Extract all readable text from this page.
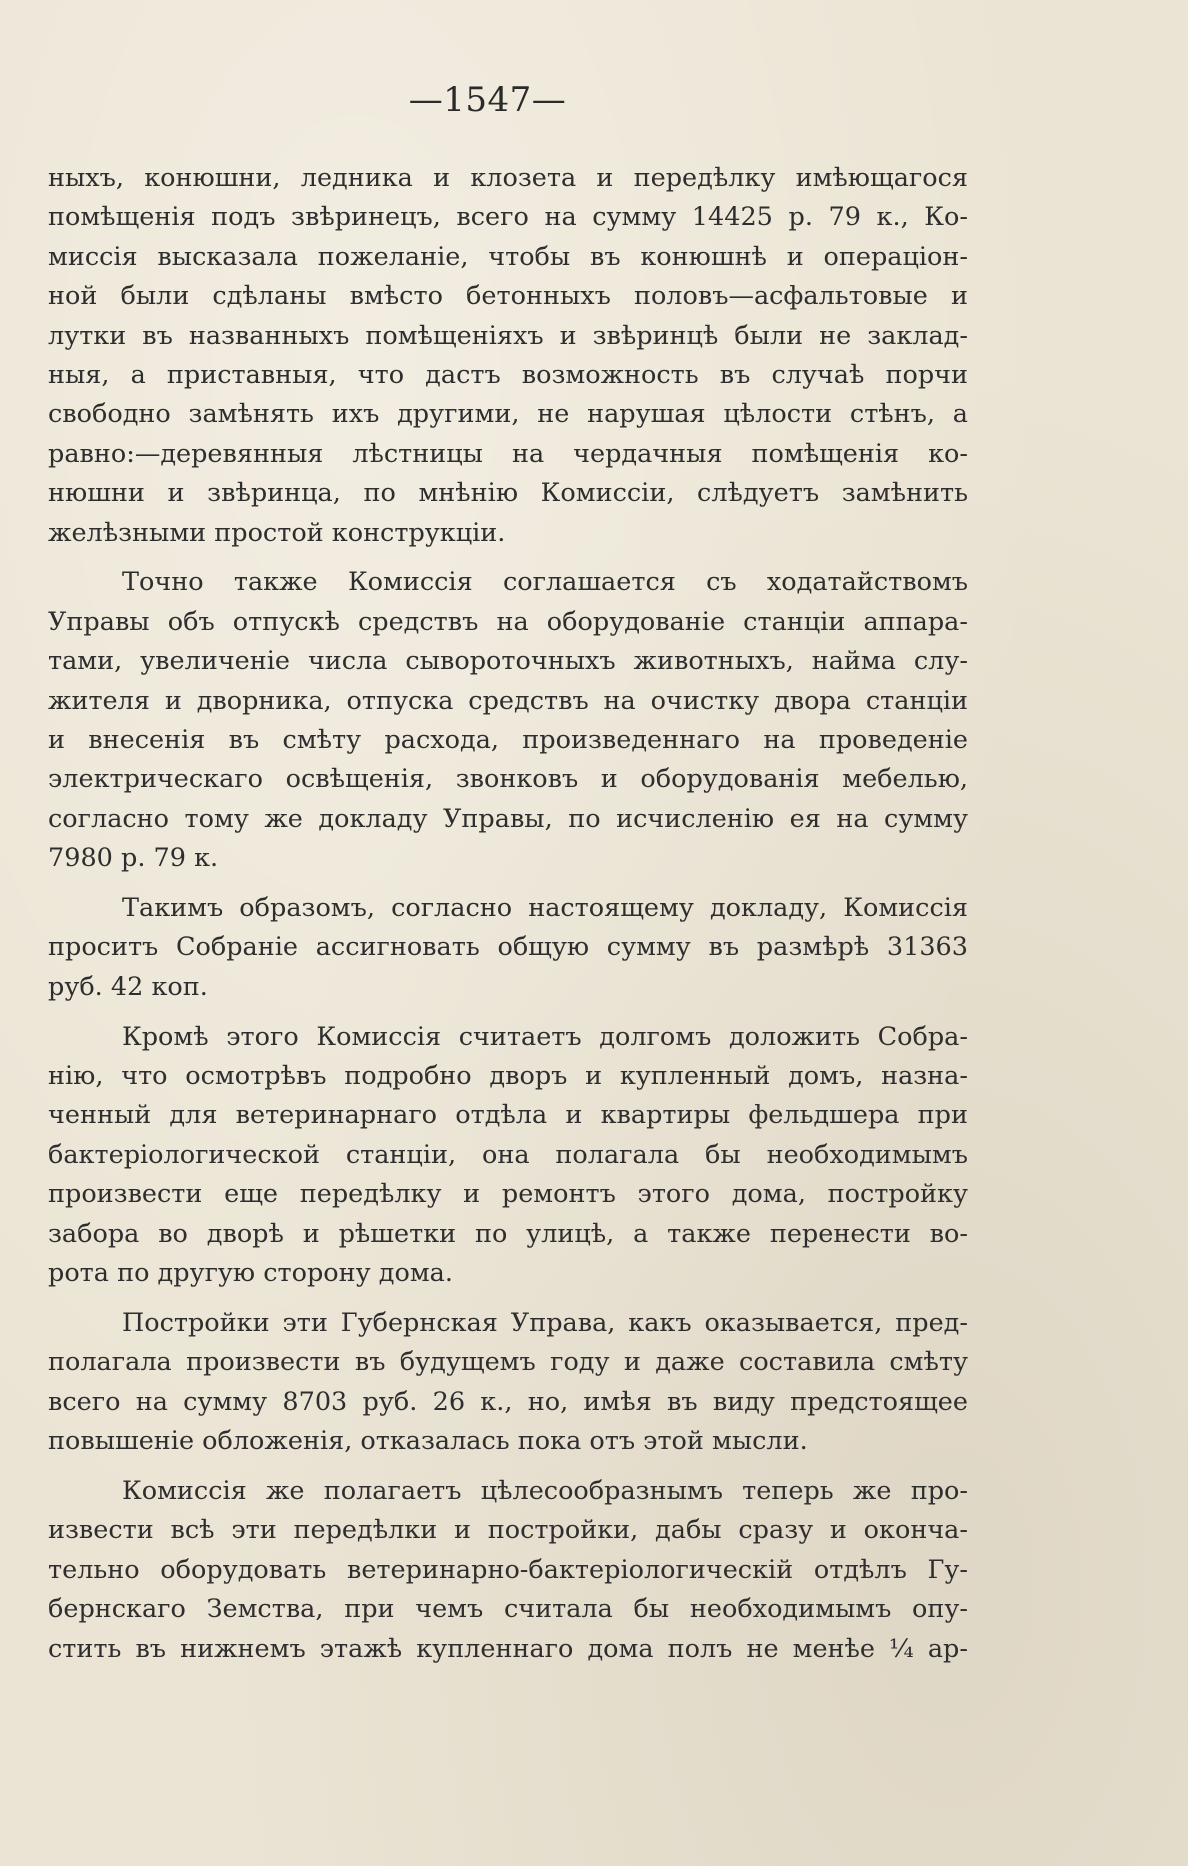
—1547—
ныхъ, конюшни, ледника и клозета и передѣлку имѣющагося
помѣщенія подъ звѣринецъ, всего на сумму 14425 р. 79 к., Ко-
миссія высказала пожеланіе, чтобы въ конюшнѣ и операціон-
ной были сдѣланы вмѣсто бетонныхъ половъ—асфальтовые и
лутки въ названныхъ помѣщеніяхъ и звѣринцѣ были не заклад-
ныя, а приставныя, что дастъ возможность въ случаѣ порчи
свободно замѣнять ихъ другими, не нарушая цѣлости стѣнъ, а
равно:—деревянныя лѣстницы на чердачныя помѣщенія ко-
нюшни и звѣринца, по мнѣнію Комиссіи, слѣдуетъ замѣнить
желѣзными простой конструкціи.
Точно также Комиссія соглашается съ ходатайствомъ
Управы объ отпускѣ средствъ на оборудованіе станціи аппара-
тами, увеличеніе числа сывороточныхъ животныхъ, найма слу-
жителя и дворника, отпуска средствъ на очистку двора станціи
и внесенія въ смѣту расхода, произведеннаго на проведеніе
электрическаго освѣщенія, звонковъ и оборудованія мебелью,
согласно тому же докладу Управы, по исчисленію ея на сумму
7980 р. 79 к.
Такимъ образомъ, согласно настоящему докладу, Комиссія
проситъ Собраніе ассигновать общую сумму въ размѣрѣ 31363
руб. 42 коп.
Кромѣ этого Комиссія считаетъ долгомъ доложить Собра-
нію, что осмотрѣвъ подробно дворъ и купленный домъ, назна-
ченный для ветеринарнаго отдѣла и квартиры фельдшера при
бактеріологической станціи, она полагала бы необходимымъ
произвести еще передѣлку и ремонтъ этого дома, постройку
забора во дворѣ и рѣшетки по улицѣ, а также перенести во-
рота по другую сторону дома.
Постройки эти Губернская Управа, какъ оказывается, пред-
полагала произвести въ будущемъ году и даже составила смѣту
всего на сумму 8703 руб. 26 к., но, имѣя въ виду предстоящее
повышеніе обложенія, отказалась пока отъ этой мысли.
Комиссія же полагаетъ цѣлесообразнымъ теперь же про-
извести всѣ эти передѣлки и постройки, дабы сразу и оконча-
тельно оборудовать ветеринарно-бактеріологическій отдѣлъ Гу-
бернскаго Земства, при чемъ считала бы необходимымъ опу-
стить въ нижнемъ этажѣ купленнаго дома полъ не менѣе ¼ ар-
